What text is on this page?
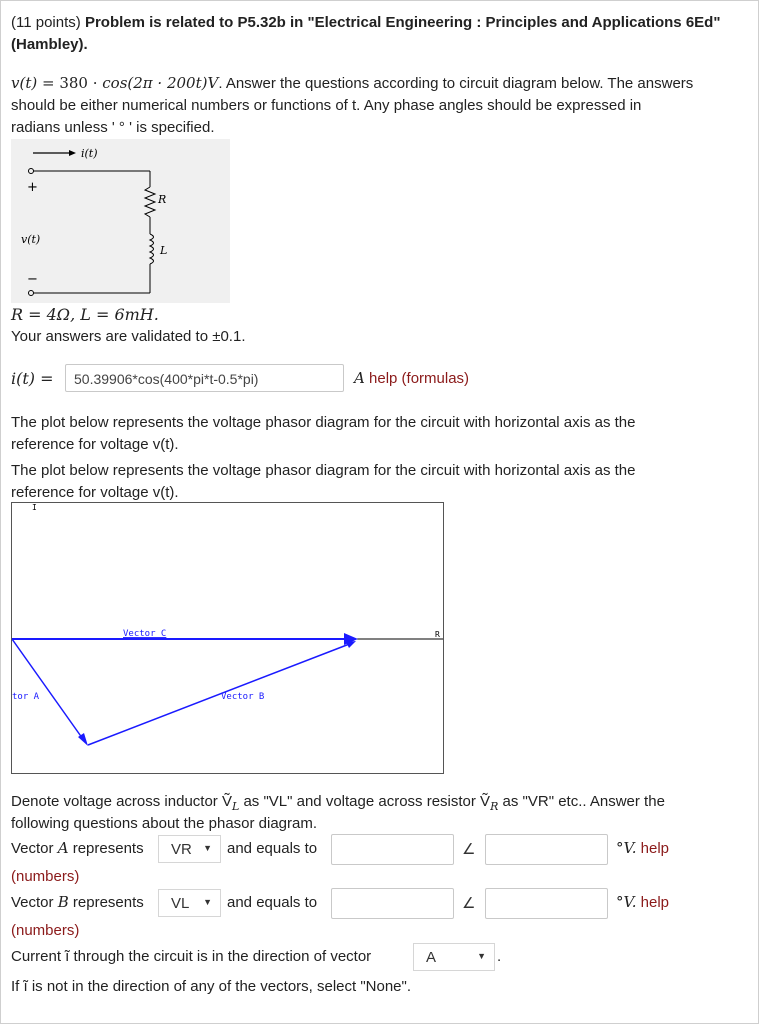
(11 points) Problem is related to P5.32b in "Electrical Engineering : Principles and Applications 6Ed"
(Hambley).
v(t) = 380 · cos(2π · 200t)V. Answer the questions according to circuit diagram below. The answers
should be either numerical numbers or functions of t. Any phase angles should be expressed in
radians unless ' ° ' is specified.
i(t)
+
R
L
v(t)
−
R = 4Ω, L = 6mH.
Your answers are validated to ±0.1.
i(t) =	50.39906*cos(400*pi*t-0.5*pi)	A help (formulas)
The plot below represents the voltage phasor diagram for the circuit with horizontal axis as the
reference for voltage v(t).
The plot below represents the voltage phasor diagram for the circuit with horizontal axis as the
reference for voltage v(t).
I
R
Vector C
tor A	Vector B
Denote voltage across inductor Ṽ$_L$ as "VL" and voltage across resistor Ṽ$_R$ as "VR" etc.. Answer the
following questions about the phasor diagram.
Vector A represents	VR ▼ and equals to	∠	°V. help
(numbers)
Vector B represents	VL ▼ and equals to	∠	°V. help
(numbers)
Current ĩ through the circuit is in the direction of vector	A	▼ .
If ĩ is not in the direction of any of the vectors, select "None".
